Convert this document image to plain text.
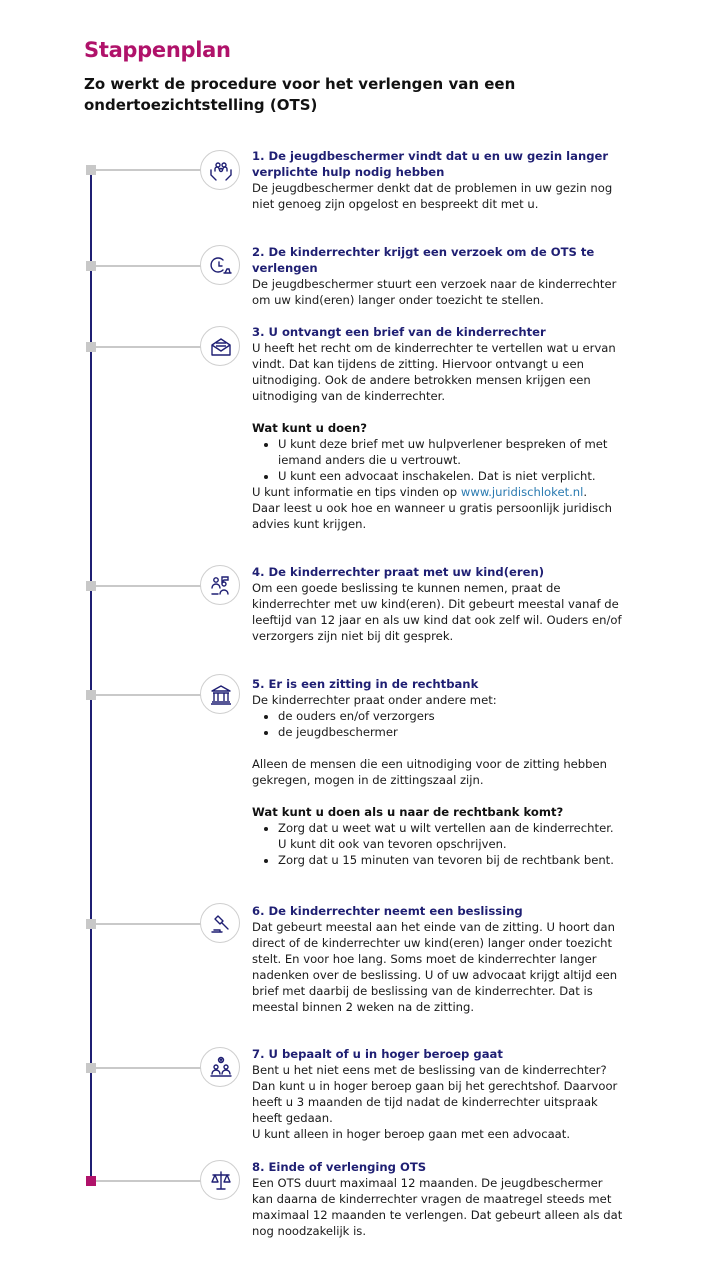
Stappenplan
Zo werkt de procedure voor het verlengen van een ondertoezichtstelling (OTS)

1. De jeugdbeschermer vindt dat u en uw gezin langer verplichte hulp nodig hebben

De jeugdbeschermer denkt dat de problemen in uw gezin nog niet genoeg zijn opgelost en bespreekt dit met u.

2. De kinderrechter krijgt een verzoek om de OTS te verlengen

De jeugdbeschermer stuurt een verzoek naar de kinderrechter om uw kind(eren) langer onder toezicht te stellen.

3. U ontvangt een brief van de kinderrechter

U heeft het recht om de kinderrechter te vertellen wat u ervan vindt. Dat kan tijdens de zitting. Hiervoor ontvangt u een uitnodiging. Ook de andere betrokken mensen krijgen een uitnodiging van de kinderrechter.

Wat kunt u doen?

• U kunt deze brief met uw hulpverlener bespreken of met iemand anders die u vertrouwt.
• U kunt een advocaat inschakelen. Dat is niet verplicht.

U kunt informatie en tips vinden op www.juridischloket.nl.

Daar leest u ook hoe en wanneer u gratis persoonlijk juridisch advies kunt krijgen.

4. De kinderrechter praat met uw kind(eren)

Om een goede beslissing te kunnen nemen, praat de kinderrechter met uw kind(eren). Dit gebeurt meestal vanaf de leeftijd van 12 jaar en als uw kind dat ook zelf wil. Ouders en/of verzorgers zijn niet bij dit gesprek.

5. Er is een zitting in de rechtbank

De kinderrechter praat onder andere met:

• de ouders en/of verzorgers
• de jeugdbeschermer

Alleen de mensen die een uitnodiging voor de zitting hebben gekregen, mogen in de zittingszaal zijn.

Wat kunt u doen als u naar de rechtbank komt?

• Zorg dat u weet wat u wilt vertellen aan de kinderrechter. U kunt dit ook van tevoren opschrijven.
• Zorg dat u 15 minuten van tevoren bij de rechtbank bent.

6. De kinderrechter neemt een beslissing

Dat gebeurt meestal aan het einde van de zitting. U hoort dan direct of de kinderrechter uw kind(eren) langer onder toezicht stelt. En voor hoe lang. Soms moet de kinderrechter langer nadenken over de beslissing. U of uw advocaat krijgt altijd een brief met daarbij de beslissing van de kinderrechter. Dat is meestal binnen 2 weken na de zitting.

7. U bepaalt of u in hoger beroep gaat

Bent u het niet eens met de beslissing van de kinderrechter?

Dan kunt u in hoger beroep gaan bij het gerechtshof. Daarvoor heeft u 3 maanden de tijd nadat de kinderrechter uitspraak heeft gedaan.

U kunt alleen in hoger beroep gaan met een advocaat.

8. Einde of verlenging OTS

Een OTS duurt maximaal 12 maanden. De jeugdbeschermer kan daarna de kinderrechter vragen de maatregel steeds met maximaal 12 maanden te verlengen. Dat gebeurt alleen als dat nog noodzakelijk is.
